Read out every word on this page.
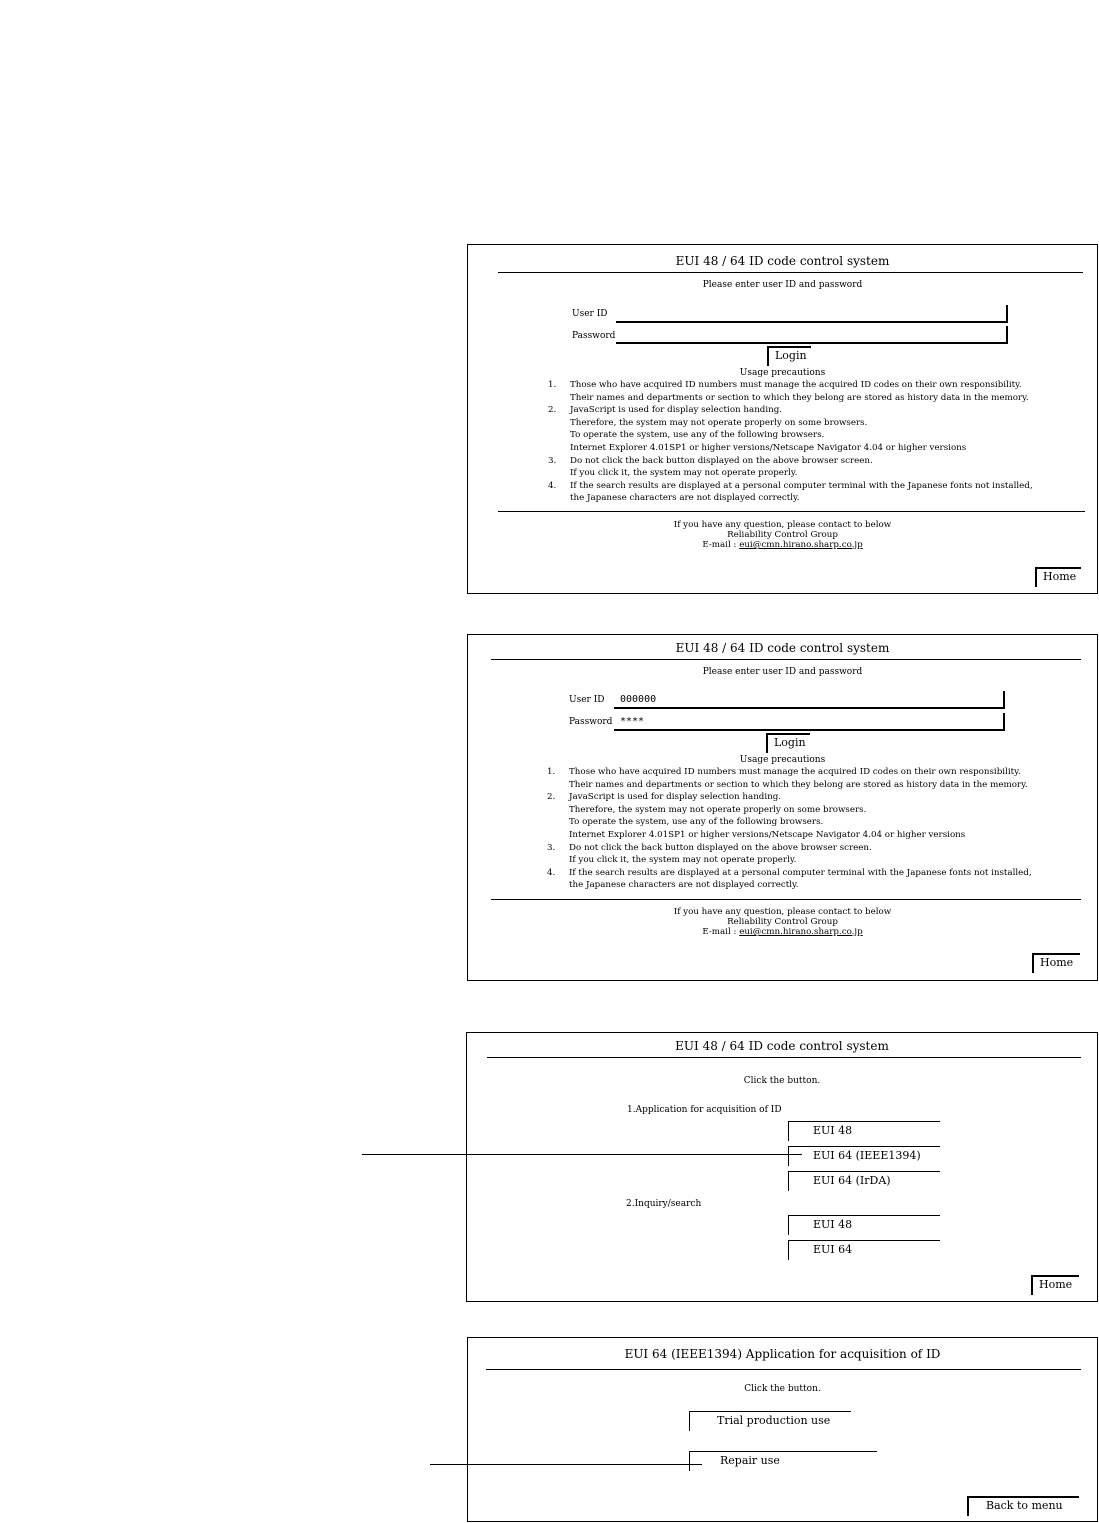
EUI 48 / 64 ID code control system
Please enter user ID and password
User ID
Password
Login
Usage precautions
1.	Those who have acquired ID numbers must manage the acquired ID codes on their own responsibility.
Their names and departments or section to which they belong are stored as history data in the memory.
2.	JavaScript is used for display selection handing.
Therefore, the system may not operate properly on some browsers.
To operate the system, use any of the following browsers.
Internet Explorer 4.01SP1 or higher versions/Netscape Navigator 4.04 or higher versions
3.	Do not click the back button displayed on the above browser screen.
If you click it, the system may not operate properly.
4.	If the search results are displayed at a personal computer terminal with the Japanese fonts not installed,
the Japanese characters are not displayed correctly.
If you have any question, please contact to below
Reliability Control Group
E-mail : eui@cmn.hirano.sharp.co.jp
Home
EUI 48 / 64 ID code control system
Please enter user ID and password
User ID	000000
Password ****
Login
Usage precautions
1.	Those who have acquired ID numbers must manage the acquired ID codes on their own responsibility.
Their names and departments or section to which they belong are stored as history data in the memory.
2.	JavaScript is used for display selection handing.
Therefore, the system may not operate properly on some browsers.
To operate the system, use any of the following browsers.
Internet Explorer 4.01SP1 or higher versions/Netscape Navigator 4.04 or higher versions
3.	Do not click the back button displayed on the above browser screen.
If you click it, the system may not operate properly.
4.	If the search results are displayed at a personal computer terminal with the Japanese fonts not installed,
the Japanese characters are not displayed correctly.
If you have any question, please contact to below
Reliability Control Group
E-mail : eui@cmn.hirano.sharp.co.jp
Home
EUI 48 / 64 ID code control system
Click the button.
1.Application for acquisition of ID
EUI 48
EUI 64 (IEEE1394)
EUI 64 (IrDA)
2.Inquiry/search
EUI 48
EUI 64
Home
EUI 64 (IEEE1394) Application for acquisition of ID
Click the button.
Trial production use
Repair use
Back to menu
